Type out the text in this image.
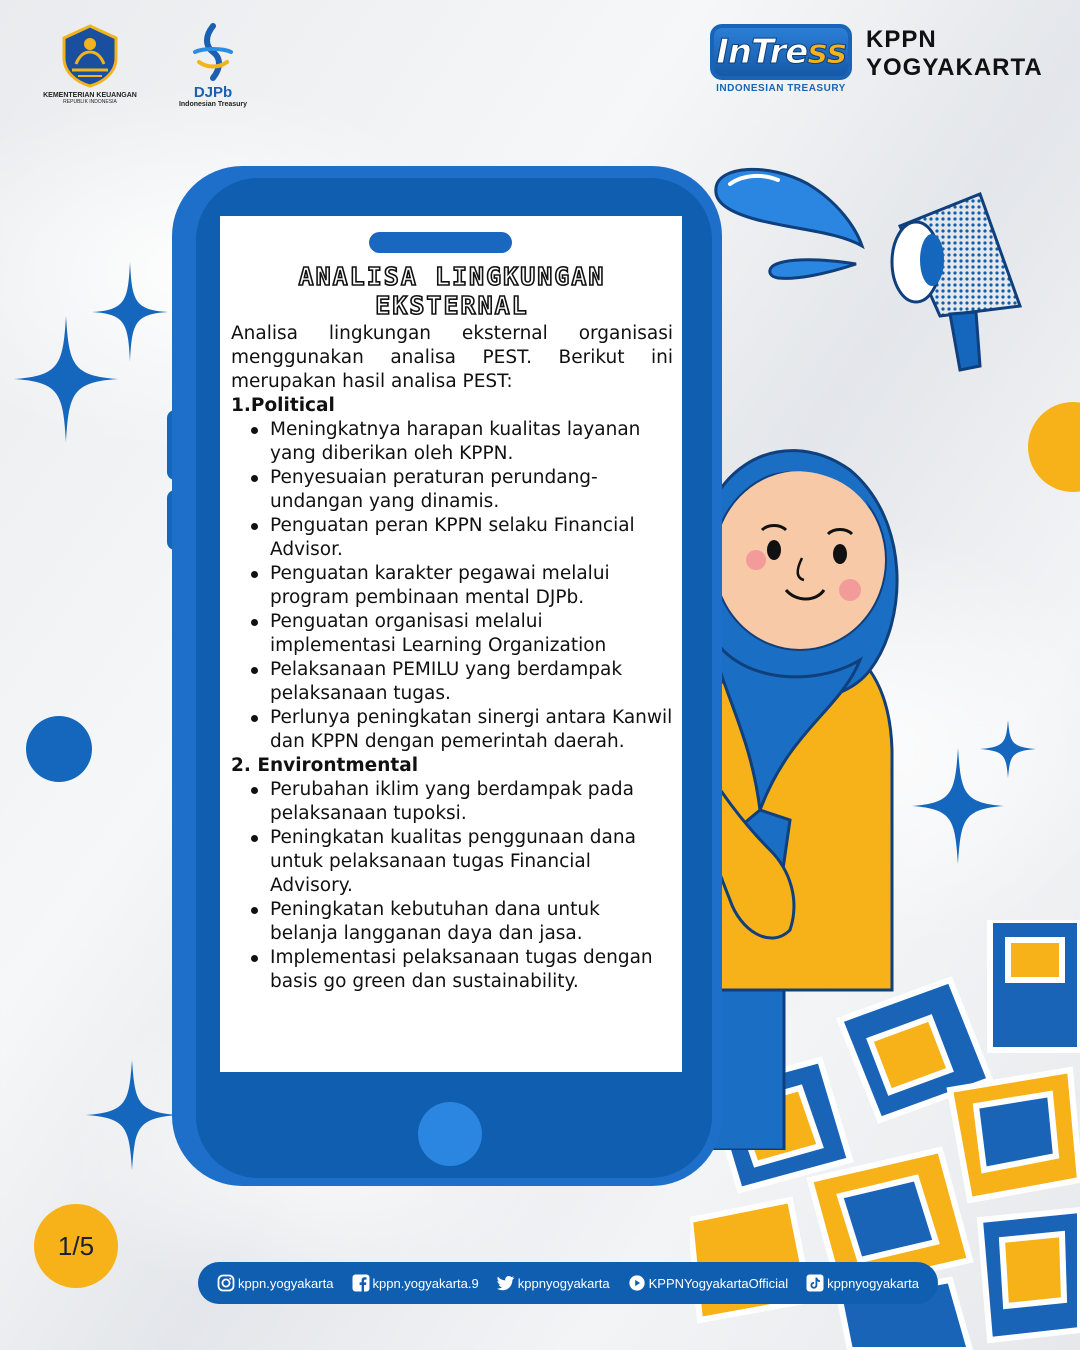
KEMENTERIAN KEUANGAN
REPUBLIK INDONESIA
DJPb
Indonesian Treasury
InTre ss
INDONESIAN TREASURY
KPPN
YOGYAKARTA
ANALISA LINGKUNGAN
EKSTERNAL

Analisa lingkungan eksternal organisasi menggunakan analisa PEST. Berikut ini merupakan hasil analisa PEST:

1.Political
Meningkatnya harapan kualitas layanan yang diberikan oleh KPPN.
Penyesuaian peraturan perundang-undangan yang dinamis.
Penguatan peran KPPN selaku Financial Advisor.
Penguatan karakter pegawai melalui program pembinaan mental DJPb.
Penguatan organisasi melalui implementasi Learning Organization
Pelaksanaan PEMILU yang berdampak pelaksanaan tugas.
Perlunya peningkatan sinergi antara Kanwil dan KPPN dengan pemerintah daerah.
2. Environtmental
Perubahan iklim yang berdampak pada pelaksanaan tupoksi.
Peningkatan kualitas penggunaan dana untuk pelaksanaan tugas Financial Advisory.
Peningkatan kebutuhan dana untuk belanja langganan daya dan jasa.
Implementasi pelaksanaan tugas dengan basis go green dan sustainability.
1/5
kppn.yogyakarta	kppn.yogyakarta.9	kppnyogyakarta	KPPNYogyakartaOfficial	kppnyogyakarta
